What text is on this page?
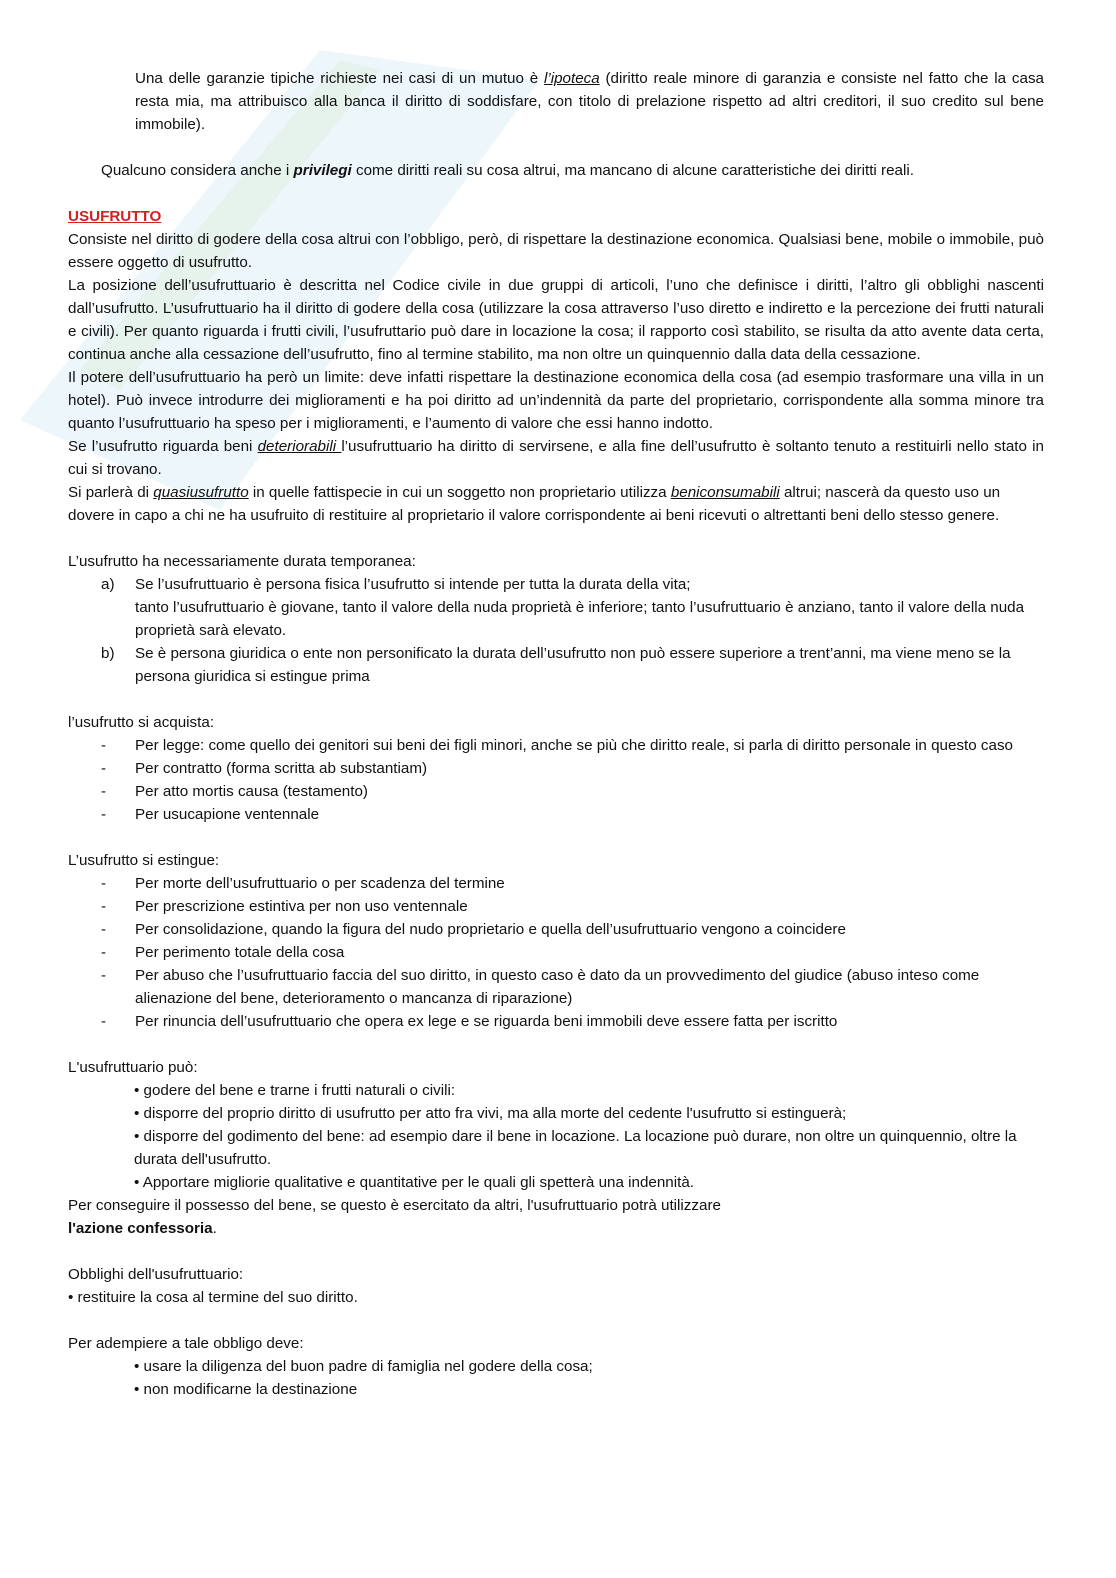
Una delle garanzie tipiche richieste nei casi di un mutuo è l’ipoteca (diritto reale minore di garanzia e consiste nel fatto che la casa resta mia, ma attribuisco alla banca il diritto di soddisfare, con titolo di prelazione rispetto ad altri creditori, il suo credito sul bene immobile).

Qualcuno considera anche i privilegi come diritti reali su cosa altrui, ma mancano di alcune caratteristiche dei diritti reali.

USUFRUTTO

Consiste nel diritto di godere della cosa altrui con l’obbligo, però, di rispettare la destinazione economica. Qualsiasi bene, mobile o immobile, può essere oggetto di usufrutto.

La posizione dell’usufruttuario è descritta nel Codice civile in due gruppi di articoli, l’uno che definisce i diritti, l’altro gli obblighi nascenti dall’usufrutto. L’usufruttuario ha il diritto di godere della cosa (utilizzare la cosa attraverso l’uso diretto e indiretto e la percezione dei frutti naturali e civili). Per quanto riguarda i frutti civili, l’usufruttario può dare in locazione la cosa; il rapporto così stabilito, se risulta da atto avente data certa, continua anche alla cessazione dell’usufrutto, fino al termine stabilito, ma non oltre un quinquennio dalla data della cessazione.

Il potere dell’usufruttuario ha però un limite: deve infatti rispettare la destinazione economica della cosa (ad esempio trasformare una villa in un hotel). Può invece introdurre dei miglioramenti e ha poi diritto ad un’indennità da parte del proprietario, corrispondente alla somma minore tra quanto l’usufruttuario ha speso per i miglioramenti, e l’aumento di valore che essi hanno indotto.

Se l’usufrutto riguarda beni deteriorabili l’usufruttuario ha diritto di servirsene, e alla fine dell’usufrutto è soltanto tenuto a restituirli nello stato in cui si trovano.

Si parlerà di quasiusufrutto in quelle fattispecie in cui un soggetto non proprietario utilizza beniconsumabili altrui; nascerà da questo uso un dovere in capo a chi ne ha usufruito di restituire al proprietario il valore corrispondente ai beni ricevuti o altrettanti beni dello stesso genere.

L’usufrutto ha necessariamente durata temporanea:

a) Se l’usufruttuario è persona fisica l’usufrutto si intende per tutta la durata della vita;
tanto l’usufruttuario è giovane, tanto il valore della nuda proprietà è inferiore; tanto l’usufruttuario è anziano, tanto il valore della nuda proprietà sarà elevato.
b) Se è persona giuridica o ente non personificato la durata dell’usufrutto non può essere superiore a trent’anni, ma viene meno se la persona giuridica si estingue prima

l’usufrutto si acquista:

- Per legge: come quello dei genitori sui beni dei figli minori, anche se più che diritto reale, si parla di diritto personale in questo caso
- Per contratto (forma scritta ab substantiam)
- Per atto mortis causa (testamento)
- Per usucapione ventennale

L’usufrutto si estingue:

- Per morte dell’usufruttuario o per scadenza del termine
- Per prescrizione estintiva per non uso ventennale
- Per consolidazione, quando la figura del nudo proprietario e quella dell’usufruttuario vengono a coincidere
- Per perimento totale della cosa
- Per abuso che l’usufruttuario faccia del suo diritto, in questo caso è dato da un provvedimento del giudice (abuso inteso come alienazione del bene, deterioramento o mancanza di riparazione)
- Per rinuncia dell’usufruttuario che opera ex lege e se riguarda beni immobili deve essere fatta per iscritto

L'usufruttuario può:

• godere del bene e trarne i frutti naturali o civili:
• disporre del proprio diritto di usufrutto per atto fra vivi, ma alla morte del cedente l'usufrutto si estinguerà;
• disporre del godimento del bene: ad esempio dare il bene in locazione. La locazione può durare, non oltre un quinquennio, oltre la durata dell'usufrutto.
• Apportare migliorie qualitative e quantitative per le quali gli spetterà una indennità.

Per conseguire il possesso del bene, se questo è esercitato da altri, l'usufruttuario potrà utilizzare
l'azione confessoria.

Obblighi dell'usufruttuario:

• restituire la cosa al termine del suo diritto.

Per adempiere a tale obbligo deve:

• usare la diligenza del buon padre di famiglia nel godere della cosa;
• non modificarne la destinazione
